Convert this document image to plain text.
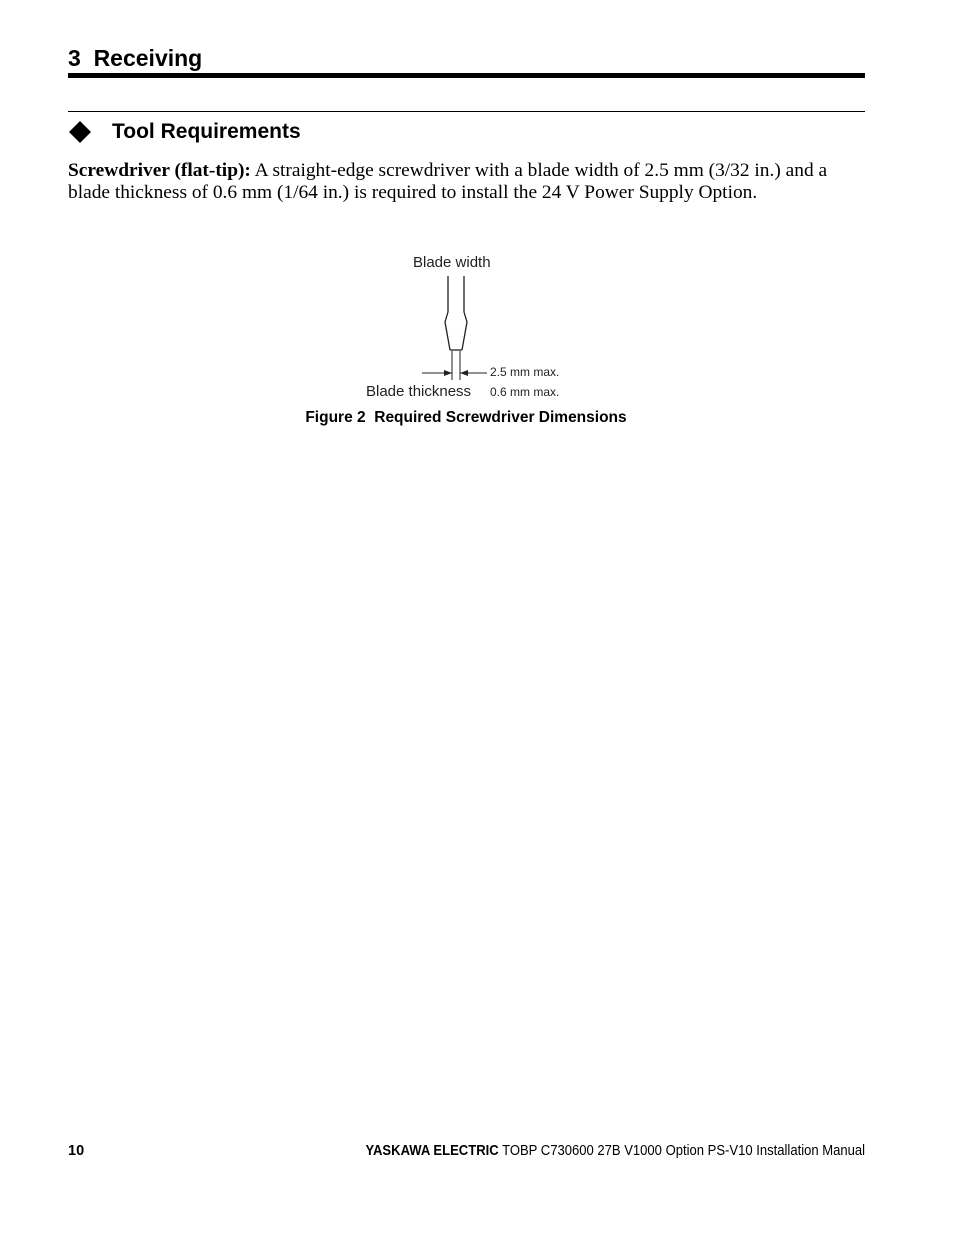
3  Receiving
Tool Requirements
Screwdriver (flat-tip): A straight-edge screwdriver with a blade width of 2.5 mm (3/32 in.) and a blade thickness of 0.6 mm (1/64 in.) is required to install the 24 V Power Supply Option.
Blade width
2.5 mm max.
Blade thickness 0.6 mm max.
Figure 2  Required Screwdriver Dimensions
10	YASKAWA ELECTRIC TOBP C730600 27B V1000 Option PS-V10 Installation Manual
